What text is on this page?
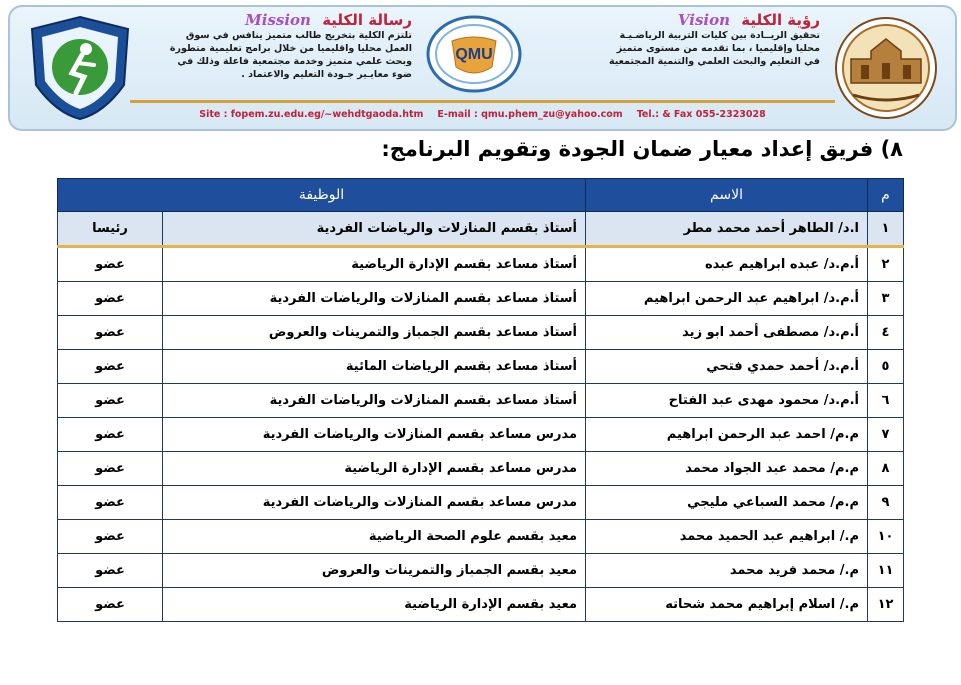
رسالة الكلية Mission
تلتزم الكلية بتخريج طالب متميز ينافس في سوق
العمل محليا واقليميا من خلال برامج تعليمية متطورة
وبحث علمي متميز وخدمة مجتمعية فاعلة وذلك في
ضوء معايـير جـودة التعليم والاعتماد .
QMU
رؤية الكلية Vision
تحقيق الريــادة بين كليات التربية الرياضـيـة
محليا وإقليميا ، بما تقدمه من مستوى متميز
في التعليم والبحث العلمي والتنمية المجتمعية
Site : fopem.zu.edu.eg/~wehdtgaoda.htm E-mail : qmu.phem_zu@yahoo.com Tel.: & Fax 055-2323028
٨) فريق إعداد معيار ضمان الجودة وتقويم البرنامج:
م	الاسم	الوظيفة	
١	ا.د/ الطاهر أحمد محمد مطر	أستاذ بقسم المنازلات والرياضات الفردية	رئيسا
٢	أ.م.د/ عبده ابراهيم عبده	أستاذ مساعد بقسم الإدارة الرياضية	عضو
٣	أ.م.د/ ابراهيم عبد الرحمن ابراهيم	أستاذ مساعد بقسم المنازلات والرياضات الفردية	عضو
٤	أ.م.د/ مصطفى أحمد ابو زيد	أستاذ مساعد بقسم الجمباز والتمرينات والعروض	عضو
٥	أ.م.د/ أحمد حمدي فتحي	أستاذ مساعد بقسم الرياضات المائية	عضو
٦	أ.م.د/ محمود مهدى عبد الفتاح	أستاذ مساعد بقسم المنازلات والرياضات الفردية	عضو
٧	م.م/ احمد عبد الرحمن ابراهيم	مدرس مساعد بقسم المنازلات والرياضات الفردية	عضو
٨	م.م/ محمد عبد الجواد محمد	مدرس مساعد بقسم الإدارة الرياضية	عضو
٩	م.م/ محمد السباعي مليجي	مدرس مساعد بقسم المنازلات والرياضات الفردية	عضو
١٠	م./ ابراهيم عبد الحميد محمد	معيد بقسم علوم الصحة الرياضية	عضو
١١	م./ محمد فريد محمد	معيد بقسم الجمباز والتمرينات والعروض	عضو
١٢	م./ اسلام إبراهيم محمد شحاته	معيد بقسم الإدارة الرياضية	عضو
